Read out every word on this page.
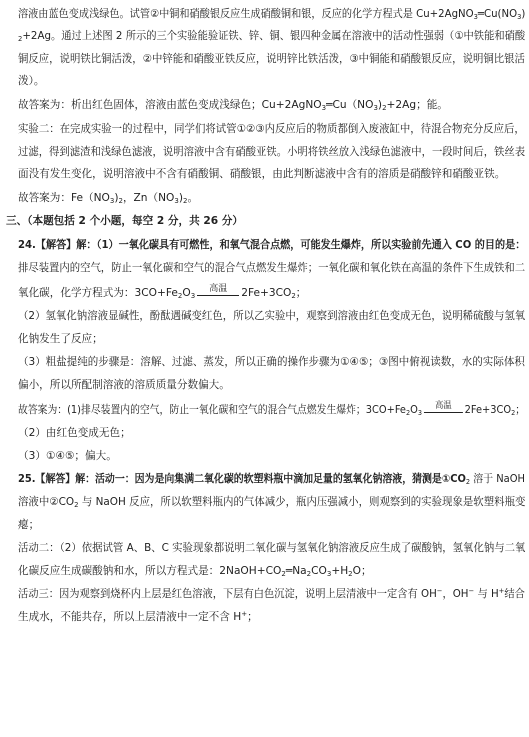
溶液由蓝色变成浅绿色。试管②中铜和硝酸银反应生成硝酸铜和银，反应的化学方程式是 $Cu+2AgNO_3═Cu(NO_3)$
$_2$+2Ag。通过上述图 2 所示的三个实验能验证铁、锌、铜、银四种金属在溶液中的活动性强弱（①中铁能和硝酸
铜反应，说明铁比铜活泼，②中锌能和硝酸亚铁反应，说明锌比铁活泼，③中铜能和硝酸银反应，说明铜比银活
泼）。
故答案为：析出红色固体，溶液由蓝色变成浅绿色；$Cu+2AgNO_3═Cu(NO_3)_2+2Ag$；能。
实验二：在完成实验一的过程中，同学们将试管①②③内反应后的物质都倒入废液缸中，待混合物充分反应后，
过滤，得到滤渣和浅绿色滤液，说明溶液中含有硝酸亚铁。小明将铁丝放入浅绿色滤液中，一段时间后，铁丝表
面没有发生变化，说明溶液中不含有硝酸铜、硝酸银，由此判断滤液中含有的溶质是硝酸锌和硝酸亚铁。
故答案为：$Fe(NO_3)_2$，$Zn(NO_3)_2$。
三、（本题包括 2 个小题，每空 2 分，共 26 分）
24.【解答】解：（1）一氧化碳具有可燃性，和氧气混合点燃，可能发生爆炸，所以实验前先通入 CO 的目的是：
排尽装置内的空气，防止一氧化碳和空气的混合气点燃发生爆炸；一氧化碳和氧化铁在高温的条件下生成铁和二
氧化碳，化学方程式为：$3CO+Fe_2O_3$
高温	$2Fe+3CO_2$；
（2）氢氧化钠溶液显碱性，酚酞遇碱变红色，所以乙实验中，观察到溶液由红色变成无色，说明稀硫酸与氢氧
化钠发生了反应；
（3）粗盐提纯的步骤是：溶解、过滤、蒸发，所以正确的操作步骤为①④⑤；③图中俯视读数，水的实际体积
偏小，所以所配制溶液的溶质质量分数偏大。
故答案为：(1)排尽装置内的空气，防止一氧化碳和空气的混合气点燃发生爆炸；$3CO+Fe_2O_3$
高温	$2Fe+3CO_2$；
（2）由红色变成无色；
（3）①④⑤；偏大。
25.【解答】解：活动一：因为是向集满二氧化碳的软塑料瓶中滴加足量的氢氧化钠溶液，猜测是$①CO_2$ 溶于 NaOH
溶液中$②CO_2$ 与 NaOH 反应，所以软塑料瓶内的气体减少，瓶内压强减小，则观察到的实验现象是软塑料瓶变
瘪；
活动二：（2）依据试管 A、B、C 实验现象都说明二氧化碳与氢氧化钠溶液反应生成了碳酸钠，氢氧化钠与二氧
化碳反应生成碳酸钠和水，所以方程式是：$2NaOH+CO_2═Na_2CO_3+H_2O$；
活动三：因为观察到烧杯内上层是红色溶液，下层有白色沉淀，说明上层清液中一定含有 OH−，OH− 与 H+结合
生成水，不能共存，所以上层清液中一定不含 H+；
